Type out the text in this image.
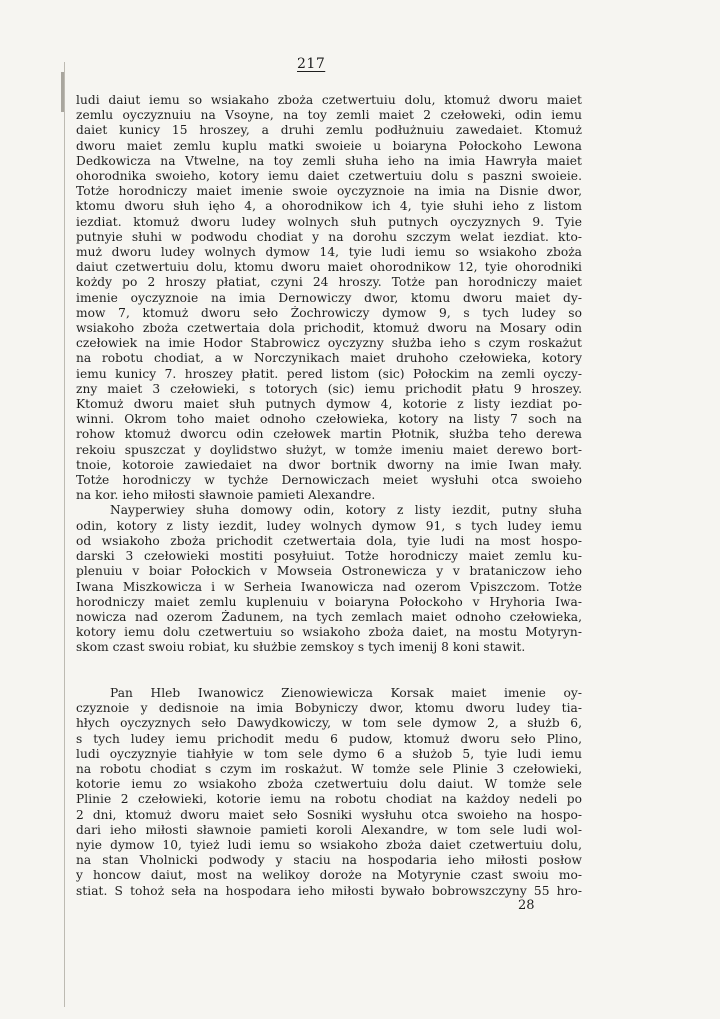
217
ludi daiut iemu so wsiakaho zboża czetwertuiu dolu, ktomuż dworu maiet
zemlu oyczyznuiu na Vsoyne, na toy zemli maiet 2 czełoweki, odin iemu
daiet kunicy 15 hroszey, a druhi zemlu podłużnuiu zawedaiet. Ktomuż
dworu maiet zemlu kuplu matki swoieie u boiaryna Połockoho Lewona
Dedkowicza na Vtwelne, na toy zemli słuha ieho na imia Hawryła maiet
ohorodnika swoieho, kotory iemu daiet czetwertuiu dolu s paszni swoieie.
Totże horodniczy maiet imenie swoie oyczyznoie na imia na Disnie dwor,
ktomu dworu słuh ięho 4, a ohorodnikow ich 4, tyie słuhi ieho z listom
iezdiat. ktomuż dworu ludey wolnych słuh putnych oyczyznych 9. Tyie
putnyie słuhi w podwodu chodiat y na dorohu szczym welat iezdiat. kto-
muż dworu ludey wolnych dymow 14, tyie ludi iemu so wsiakoho zboża
daiut czetwertuiu dolu, ktomu dworu maiet ohorodnikow 12, tyie ohorodniki
kożdy po 2 hroszy płatiat, czyni 24 hroszy. Totże pan horodniczy maiet
imenie oyczyznoie na imia Dernowiczy dwor, ktomu dworu maiet dy-
mow 7, ktomuż dworu seło Żochrowiczy dymow 9, s tych ludey so
wsiakoho zboża czetwertaia dola prichodit, ktomuż dworu na Mosary odin
czełowiek na imie Hodor Stabrowicz oyczyzny służba ieho s czym roskażut
na robotu chodiat, a w Norczynikach maiet druhoho czełowieka, kotory
iemu kunicy 7. hroszey płatit. pered listom (sic) Połockim na zemli oyczy-
zny maiet 3 czełowieki, s totorych (sic) iemu prichodit płatu 9 hroszey.
Ktomuż dworu maiet słuh putnych dymow 4, kotorie z listy iezdiat po-
winni. Okrom toho maiet odnoho czełowieka, kotory na listy 7 soch na
rohow ktomuż dworcu odin czełowek martin Płotnik, służba teho derewa
rekoiu spuszczat y doylidstwo służyt, w tomże imeniu maiet derewo bort-
tnoie, kotoroie zawiedaiet na dwor bortnik dworny na imie Iwan mały.
Totże horodniczy w tychże Dernowiczach meiet wysłuhi otca swoieho
na kor. ieho miłosti sławnoie pamieti Alexandre.
Nayperwiey słuha domowy odin, kotory z listy iezdit, putny słuha
odin, kotory z listy iezdit, ludey wolnych dymow 91, s tych ludey iemu
od wsiakoho zboża prichodit czetwertaia dola, tyie ludi na most hospo-
darski 3 czełowieki mostiti posyłuiut. Totże horodniczy maiet zemlu ku-
plenuiu v boiar Połockich v Mowseia Ostronewicza y v brataniczow ieho
Iwana Miszkowicza i w Serheia Iwanowicza nad ozerom Vpiszczom. Totże
horodniczy maiet zemlu kuplenuiu v boiaryna Połockoho v Hryhoria Iwa-
nowicza nad ozerom Żadunem, na tych zemlach maiet odnoho czełowieka,
kotory iemu dolu czetwertuiu so wsiakoho zboża daiet, na mostu Motyryn-
skom czast swoiu robiat, ku służbie zemskoy s tych imenij 8 koni stawit.
Pan Hleb Iwanowicz Zienowiewicza Korsak maiet imenie oy-
czyznoie y dedisnoie na imia Bobyniczy dwor, ktomu dworu ludey tia-
hłych oyczyznych seło Dawydkowiczy, w tom sele dymow 2, a służb 6,
s tych ludey iemu prichodit medu 6 pudow, ktomuż dworu seło Plino,
ludi oyczyznyie tiahłyie w tom sele dymo 6 a służob 5, tyie ludi iemu
na robotu chodiat s czym im roskażut. W tomże sele Plinie 3 czełowieki,
kotorie iemu zo wsiakoho zboża czetwertuiu dolu daiut. W tomże sele
Plinie 2 czełowieki, kotorie iemu na robotu chodiat na każdoy nedeli po
2 dni, ktomuż dworu maiet seło Sosniki wysłuhu otca swoieho na hospo-
dari ieho miłosti sławnoie pamieti koroli Alexandre, w tom sele ludi wol-
nyie dymow 10, tyież ludi iemu so wsiakoho zboża daiet czetwertuiu dolu,
na stan Vholnicki podwody y staciu na hospodaria ieho miłosti posłow
y honcow daiut, most na welikoy doroże na Motyrynie czast swoiu mo-
stiat. S tohoż seła na hospodara ieho miłosti bywało bobrowszczyny 55 hro-
28
